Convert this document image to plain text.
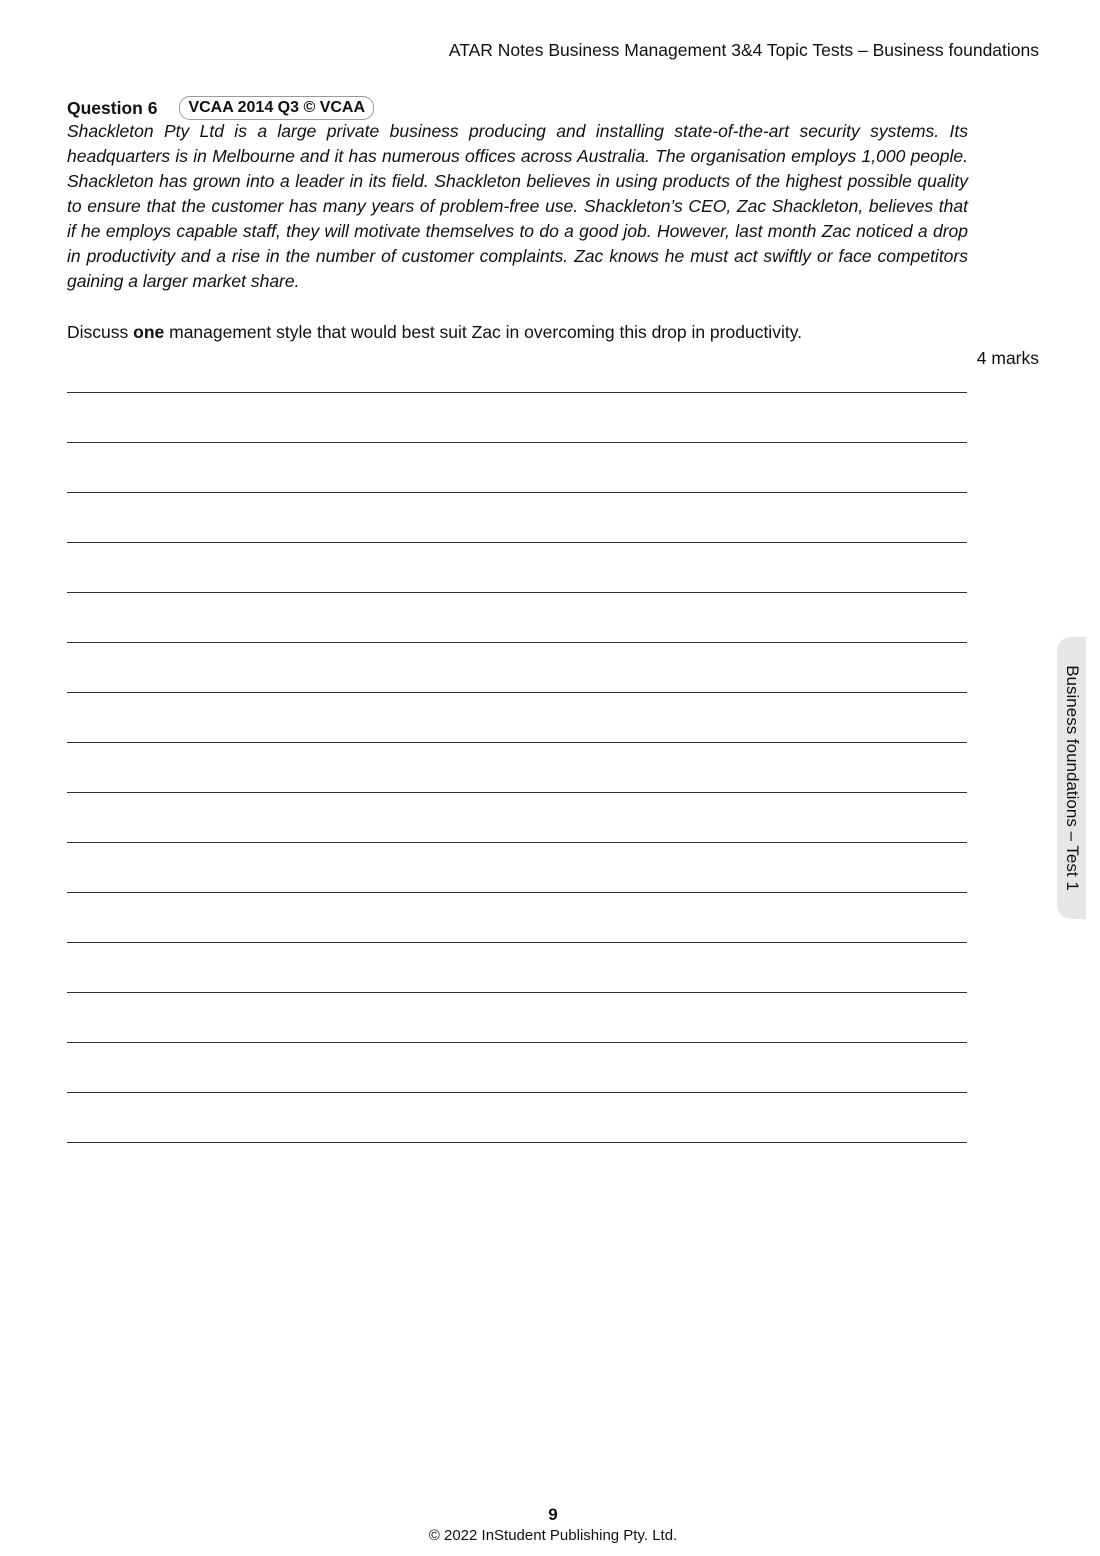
ATAR Notes Business Management 3&4 Topic Tests – Business foundations
Question 6	VCAA 2014 Q3 © VCAA

Shackleton Pty Ltd is a large private business producing and installing state-of-the-art security systems. Its headquarters is in Melbourne and it has numerous offices across Australia. The organisation employs 1,000 people. Shackleton has grown into a leader in its field. Shackleton believes in using products of the highest possible quality to ensure that the customer has many years of problem-free use. Shackleton’s CEO, Zac Shackleton, believes that if he employs capable staff, they will motivate themselves to do a good job. However, last month Zac noticed a drop in productivity and a rise in the number of customer complaints. Zac knows he must act swiftly or face competitors gaining a larger market share.

Discuss one management style that would best suit Zac in overcoming this drop in productivity.

4 marks
Business foundations – Test 1
9
© 2022 InStudent Publishing Pty. Ltd.
